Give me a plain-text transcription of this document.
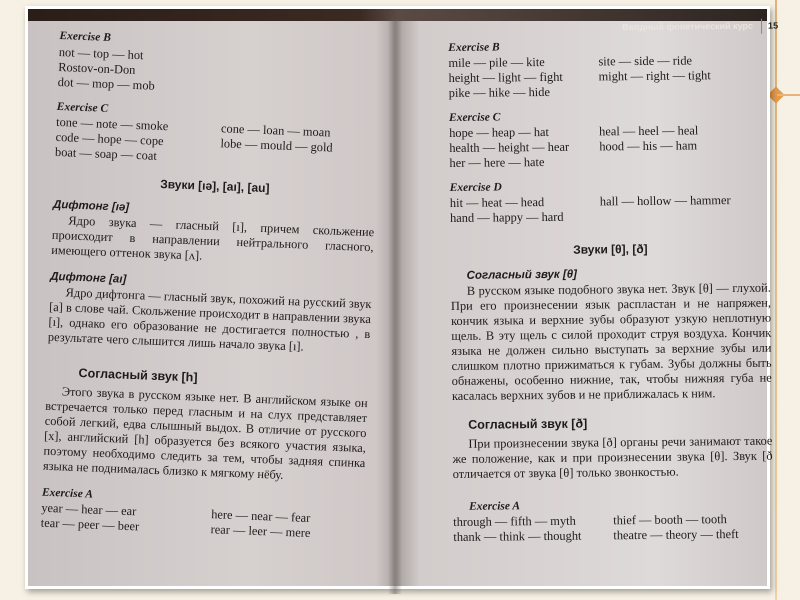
Exercise B
not — top — hot
Rostov-on-Don
dot — mop — mob
Exercise C
tone — note — smoke
code — hope — cope
boat — soap — coat
cone — loan — moan
lobe — mould — gold
Звуки [ıə], [aı], [au]
Дифтонг [ıə]
Ядро звука — гласный [ı], причем скольжение происходит в направлении нейтрального гласного, имеющего оттенок звука [ʌ].
Дифтонг [aı]
Ядро дифтонга — гласный звук, похожий на русский звук [а] в слове чай. Скольжение происходит в направлении звука [ı], однако его образование не достигается полностью , в результате чего слышится лишь начало звука [ı].
Согласный звук [h]
Этого звука в русском языке нет. В английском языке он встречается только перед гласным и на слух представляет собой легкий, едва слышный выдох. В отличие от русского [х], английский [h] образуется без всякого участия языка, поэтому необходимо следить за тем, чтобы задняя спинка языка не поднималась близко к мягкому нёбу.
Exercise A
year — hear — ear
tear — peer — beer	here — near — fear
rear — leer — mere
Вводный фонетический курс	15
Exercise B
mile — pile — kite
height — light — fight
pike — hike — hide
site — side — ride
might — right — tight
Exercise C
hope — heap — hat
health — height — hear
her — here — hate
heal — heel — heal
hood — his — ham
Exercise D
hit — heat — head
hand — happy — hard
hall — hollow — hammer
Звуки [θ], [ð]
Согласный звук [θ]
В русском языке подобного звука нет. Звук [θ] — глухой. При его произнесении язык распластан и не напряжен, кончик языка и верхние зубы образуют узкую неплотную щель. В эту щель с силой проходит струя воздуха. Кончик языка не должен сильно выступать за верхние зубы или слишком плотно прижиматься к губам. Зубы должны быть обнажены, особенно нижние, так, чтобы нижняя губа не касалась верхних зубов и не приближалась к ним.
Согласный звук [ð]
При произнесении звука [ð] органы речи занимают такое же положение, как и при произнесении звука [θ]. Звук [ð отличается от звука [θ] только звонкостью.
Exercise A
through — fifth — myth
thank — think — thought
thief — booth — tooth
theatre — theory — theft
